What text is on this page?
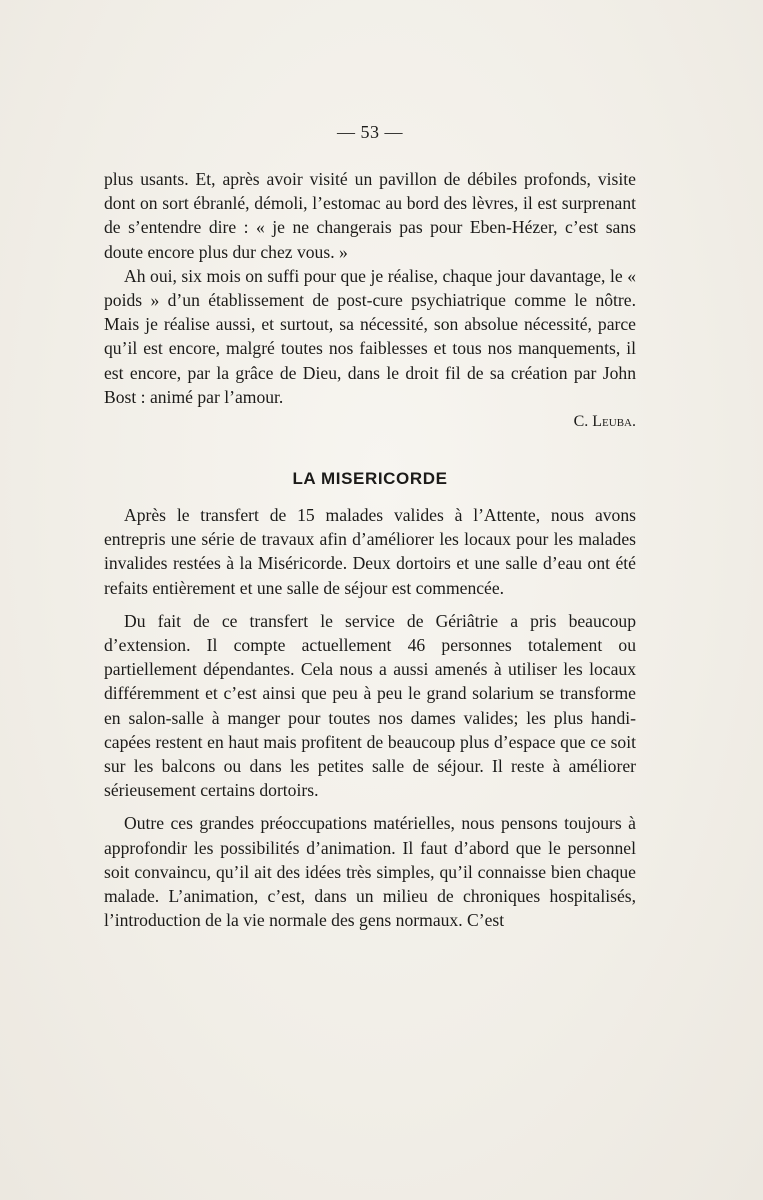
— 53 —

plus usants. Et, après avoir visité un pavillon de débiles profonds, visite dont on sort ébranlé, démoli, l’estomac au bord des lèvres, il est surprenant de s’entendre dire : « je ne changerais pas pour Eben-Hézer, c’est sans doute encore plus dur chez vous. »

Ah oui, six mois on suffi pour que je réalise, chaque jour davantage, le « poids » d’un établissement de post-cure psychiatrique comme le nôtre. Mais je réalise aussi, et surtout, sa nécessité, son absolue nécessité, parce qu’il est encore, malgré toutes nos faiblesses et tous nos manquements, il est encore, par la grâce de Dieu, dans le droit fil de sa création par John Bost : animé par l’amour.

C. Leuba.

LA MISERICORDE

Après le transfert de 15 malades valides à l’Attente, nous avons entrepris une série de travaux afin d’améliorer les locaux pour les malades invalides restées à la Miséricorde. Deux dortoirs et une salle d’eau ont été refaits entièrement et une salle de séjour est commencée.

Du fait de ce transfert le service de Gériâtrie a pris beaucoup d’extension. Il compte actuellement 46 personnes totalement ou partiellement dépendantes. Cela nous a aussi amenés à utiliser les locaux différemment et c’est ainsi que peu à peu le grand solarium se transforme en salon-salle à manger pour toutes nos dames valides; les plus handicapées restent en haut mais profitent de beaucoup plus d’espace que ce soit sur les balcons ou dans les petites salle de séjour. Il reste à améliorer sérieusement certains dortoirs.

Outre ces grandes préoccupations matérielles, nous pensons toujours à approfondir les possibilités d’animation. Il faut d’abord que le personnel soit convaincu, qu’il ait des idées très simples, qu’il connaisse bien chaque malade. L’animation, c’est, dans un milieu de chroniques hospitalisés, l’introduction de la vie normale des gens normaux. C’est
